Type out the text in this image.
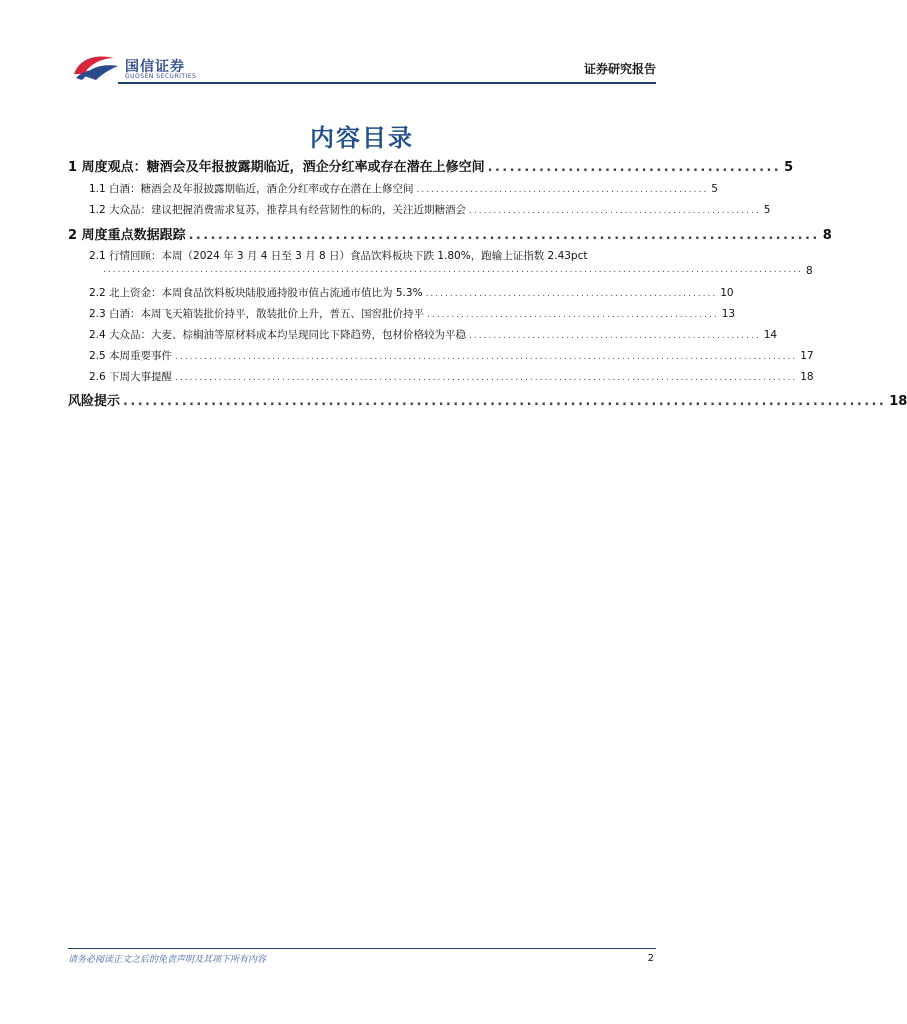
国信证券
GUOSEN SECURITIES
证券研究报告
内容目录
1 周度观点：糖酒会及年报披露期临近，酒企分红率或存在潜在上修空间 ........................................ 5
1.1 白酒：糖酒会及年报披露期临近，酒企分红率或存在潜在上修空间 ............................................................ 5
1.2 大众品：建议把握消费需求复苏，推荐具有经营韧性的标的，关注近期糖酒会 ............................................................ 5
2 周度重点数据跟踪 ...................................................................................... 8
2.1 行情回顾：本周（2024 年 3 月 4 日至 3 月 8 日）食品饮料板块下跌 1.80%，跑输上证指数 2.43pct
................................................................................................................................................ 8
2.2 北上资金：本周食品饮料板块陆股通持股市值占流通市值比为 5.3% ............................................................ 10
2.3 白酒：本周飞天箱装批价持平，散装批价上升，普五、国窖批价持平 ............................................................ 13
2.4 大众品：大麦、棕榈油等原材料成本均呈现同比下降趋势，包材价格较为平稳 ............................................................ 14
2.5 本周重要事件 ................................................................................................................................ 17
2.6 下周大事提醒 ................................................................................................................................ 18
风险提示 ........................................................................................................ 18
请务必阅读正文之后的免责声明及其项下所有内容	2
